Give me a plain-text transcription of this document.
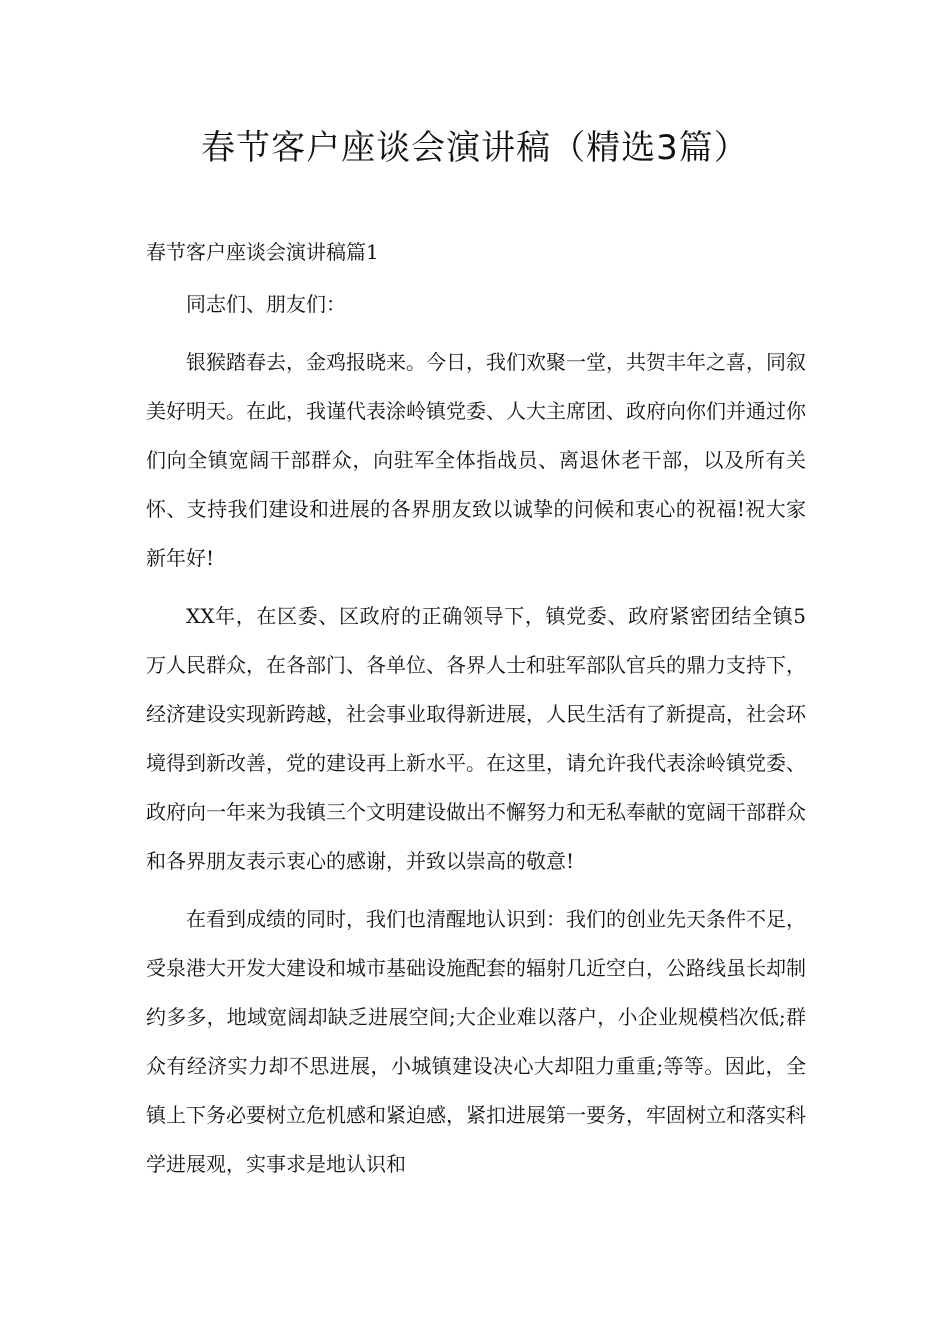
春节客户座谈会演讲稿（精选3篇）
春节客户座谈会演讲稿篇1

同志们、朋友们：

银猴踏春去，金鸡报晓来。今日，我们欢聚一堂，共贺丰年之喜，同叙美好明天。在此，我谨代表涂岭镇党委、人大主席团、政府向你们并通过你们向全镇宽阔干部群众，向驻军全体指战员、离退休老干部，以及所有关怀、支持我们建设和进展的各界朋友致以诚挚的问候和衷心的祝福!祝大家新年好!

XX年，在区委、区政府的正确领导下，镇党委、政府紧密团结全镇5万人民群众，在各部门、各单位、各界人士和驻军部队官兵的鼎力支持下，经济建设实现新跨越，社会事业取得新进展，人民生活有了新提高，社会环境得到新改善，党的建设再上新水平。在这里，请允许我代表涂岭镇党委、政府向一年来为我镇三个文明建设做出不懈努力和无私奉献的宽阔干部群众和各界朋友表示衷心的感谢，并致以崇高的敬意!

在看到成绩的同时，我们也清醒地认识到：我们的创业先天条件不足，受泉港大开发大建设和城市基础设施配套的辐射几近空白，公路线虽长却制约多多，地域宽阔却缺乏进展空间;大企业难以落户，小企业规模档次低;群众有经济实力却不思进展，小城镇建设决心大却阻力重重;等等。因此，全镇上下务必要树立危机感和紧迫感，紧扣进展第一要务，牢固树立和落实科学进展观，实事求是地认识和
